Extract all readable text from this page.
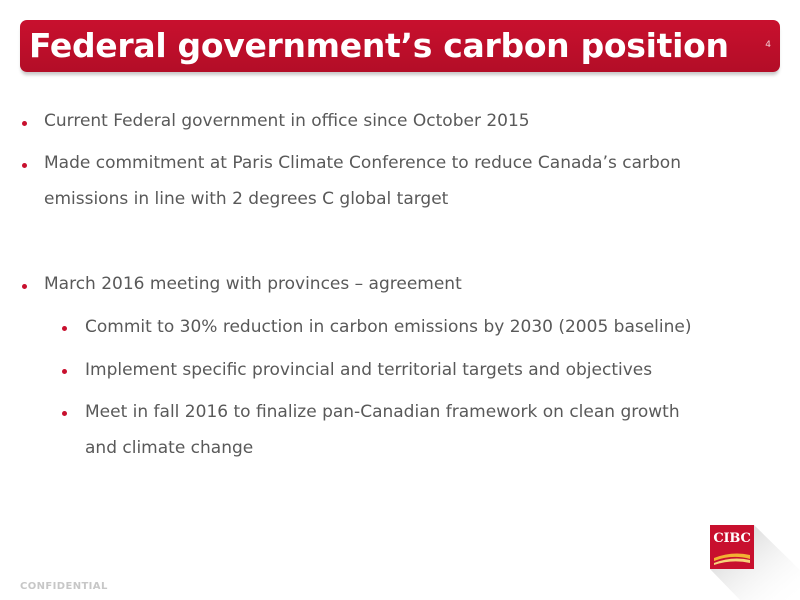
Federal government’s carbon position	4
Current Federal government in office since October 2015
Made commitment at Paris Climate Conference to reduce Canada’s carbon
emissions in line with 2 degrees C global target
March 2016 meeting with provinces – agreement
Commit to 30% reduction in carbon emissions by 2030 (2005 baseline)
Implement specific provincial and territorial targets and objectives
Meet in fall 2016 to finalize pan-Canadian framework on clean growth
and climate change
CONFIDENTIAL
CIBC
